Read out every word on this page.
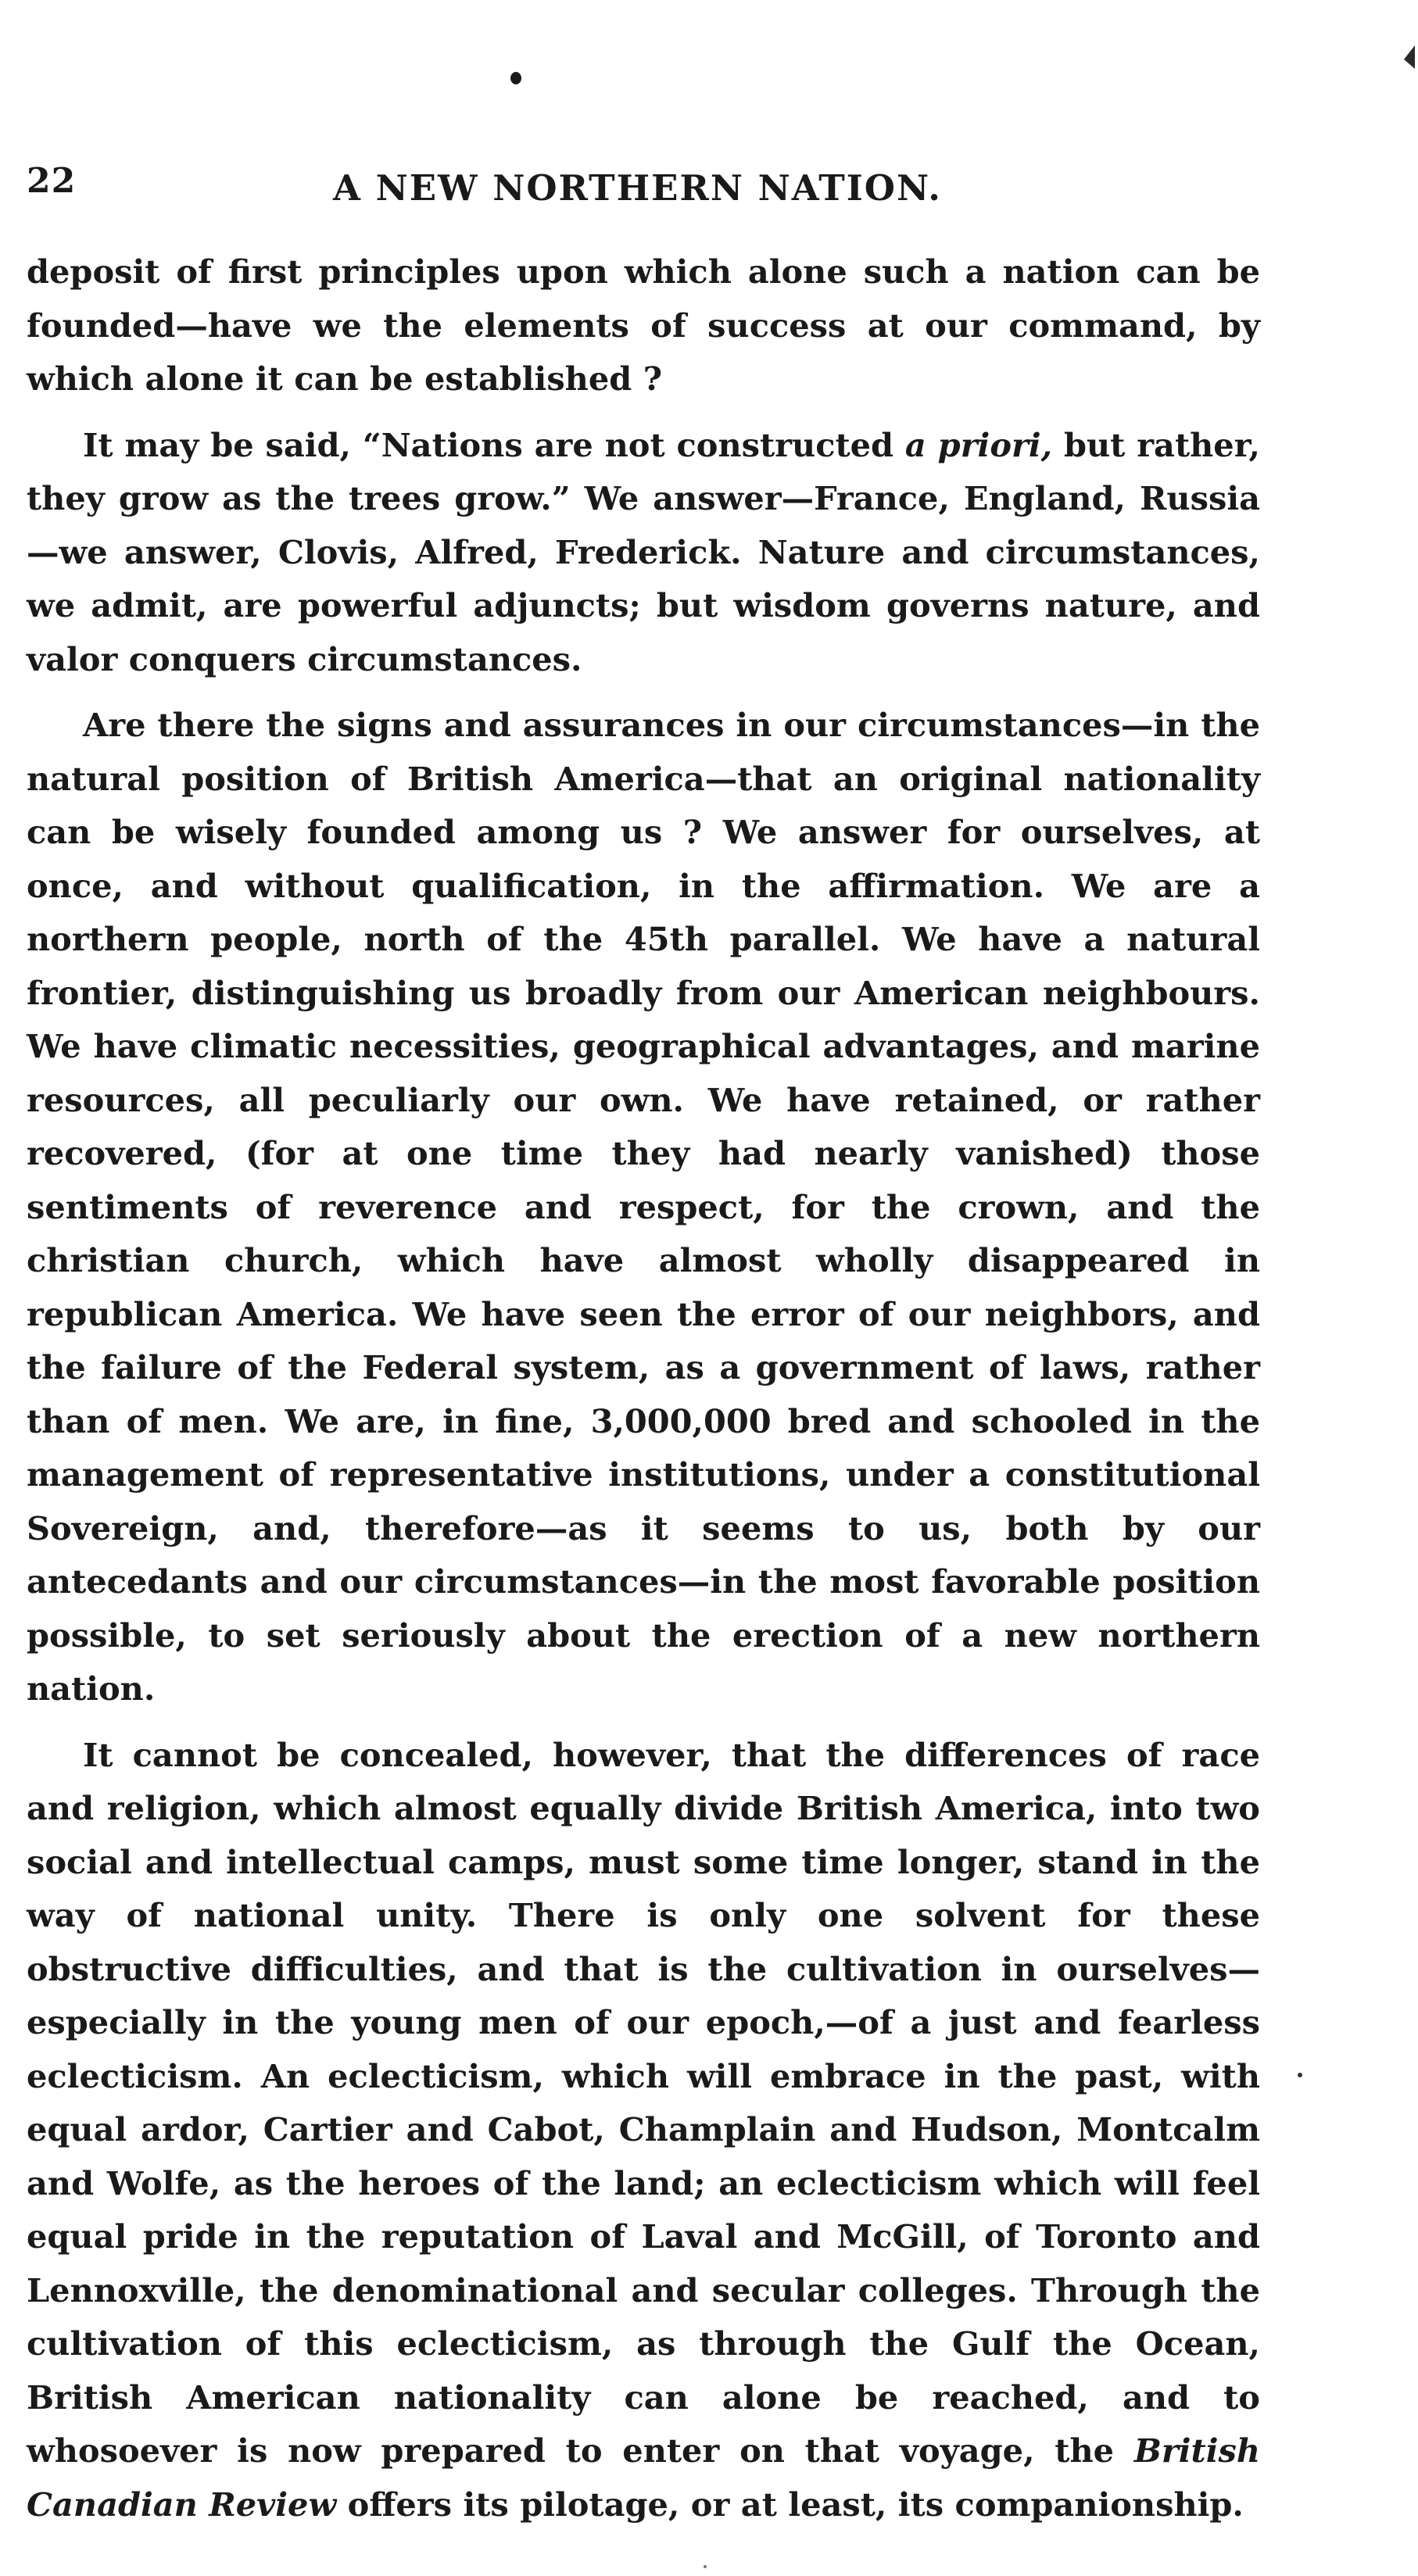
22	A NEW NORTHERN NATION.

deposit of first principles upon which alone such a nation can be founded—have we the elements of success at our command, by which alone it can be established ?

It may be said, “Nations are not constructed a priori, but rather, they grow as the trees grow.” We answer—France, England, Russia—we answer, Clovis, Alfred, Frederick. Nature and circumstances, we admit, are powerful adjuncts; but wisdom governs nature, and valor conquers circumstances.

Are there the signs and assurances in our circumstances—in the natural position of British America—that an original nationality can be wisely founded among us ? We answer for ourselves, at once, and without qualification, in the affirmation. We are a northern people, north of the 45th parallel. We have a natural frontier, distinguishing us broadly from our American neighbours. We have climatic necessities, geographical advantages, and marine resources, all peculiarly our own. We have retained, or rather recovered, (for at one time they had nearly vanished) those sentiments of reverence and respect, for the crown, and the christian church, which have almost wholly disappeared in republican America. We have seen the error of our neighbors, and the failure of the Federal system, as a government of laws, rather than of men. We are, in fine, 3,000,000 bred and schooled in the management of representative institutions, under a constitutional Sovereign, and, therefore—as it seems to us, both by our antecedants and our circumstances—in the most favorable position possible, to set seriously about the erection of a new northern nation.

It cannot be concealed, however, that the differences of race and religion, which almost equally divide British America, into two social and intellectual camps, must some time longer, stand in the way of national unity. There is only one solvent for these obstructive difficulties, and that is the cultivation in ourselves—especially in the young men of our epoch,—of a just and fearless eclecticism. An eclecticism, which will embrace in the past, with equal ardor, Cartier and Cabot, Champlain and Hudson, Montcalm and Wolfe, as the heroes of the land; an eclecticism which will feel equal pride in the reputation of Laval and McGill, of Toronto and Lennoxville, the denominational and secular colleges. Through the cultivation of this eclecticism, as through the Gulf the Ocean, British American nationality can alone be reached, and to whosoever is now prepared to enter on that voyage, the British Canadian Review offers its pilotage, or at least, its companionship.
